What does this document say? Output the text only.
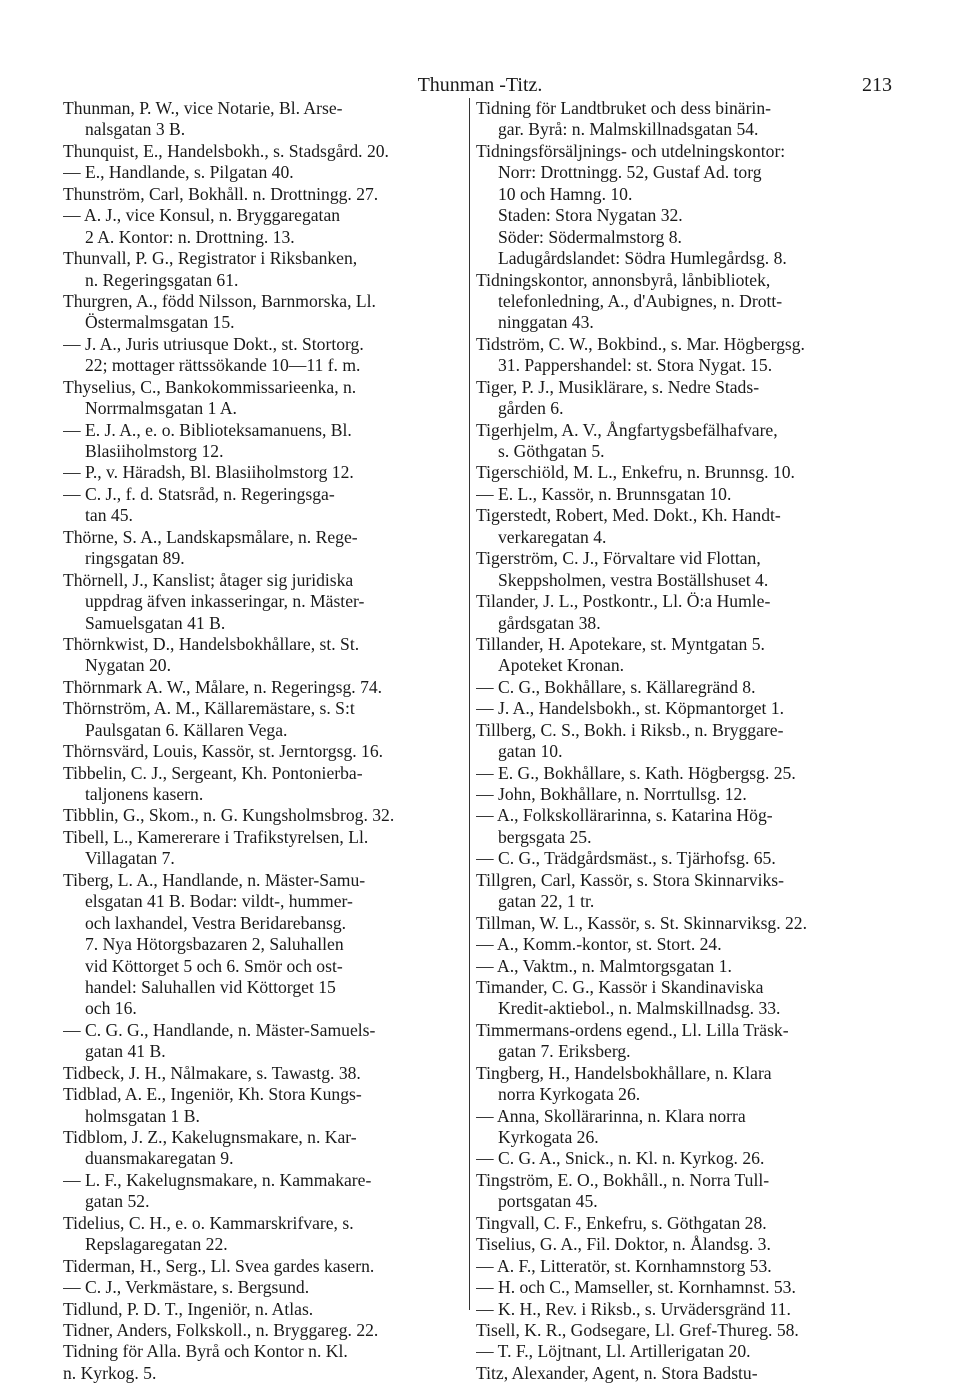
Thunman -Titz.	213
Thunman, P. W., vice Notarie, Bl. Arse-
nalsgatan 3 B.
Thunquist, E., Handelsbokh., s. Stadsgård. 20.
— E., Handlande, s. Pilgatan 40.
Thunström, Carl, Bokhåll. n. Drottningg. 27.
— A. J., vice Konsul, n. Bryggaregatan
2 A. Kontor: n. Drottning. 13.
Thunvall, P. G., Registrator i Riksbanken,
n. Regeringsgatan 61.
Thurgren, A., född Nilsson, Barnmorska, Ll.
Östermalmsgatan 15.
— J. A., Juris utriusque Dokt., st. Stortorg.
22; mottager rättssökande 10—11 f. m.
Thyselius, C., Bankokommissarieenka, n.
Norrmalmsgatan 1 A.
— E. J. A., e. o. Biblioteksamanuens, Bl.
Blasiiholmstorg 12.
— P., v. Häradsh, Bl. Blasiiholmstorg 12.
— C. J., f. d. Statsråd, n. Regeringsga-
tan 45.
Thörne, S. A., Landskapsmålare, n. Rege-
ringsgatan 89.
Thörnell, J., Kanslist; åtager sig juridiska
uppdrag äfven inkasseringar, n. Mäster-
Samuelsgatan 41 B.
Thörnkwist, D., Handelsbokhållare, st. St.
Nygatan 20.
Thörnmark A. W., Målare, n. Regeringsg. 74.
Thörnström, A. M., Källaremästare, s. S:t
Paulsgatan 6. Källaren Vega.
Thörnsvärd, Louis, Kassör, st. Jerntorgsg. 16.
Tibbelin, C. J., Sergeant, Kh. Pontonierba-
taljonens kasern.
Tibblin, G., Skom., n. G. Kungsholmsbrog. 32.
Tibell, L., Kamererare i Trafikstyrelsen, Ll.
Villagatan 7.
Tiberg, L. A., Handlande, n. Mäster-Samu-
elsgatan 41 B. Bodar: vildt-, hummer-
och laxhandel, Vestra Beridarebansg.
7. Nya Hötorgsbazaren 2, Saluhallen
vid Köttorget 5 och 6. Smör och ost-
handel: Saluhallen vid Köttorget 15
och 16.
— C. G. G., Handlande, n. Mäster-Samuels-
gatan 41 B.
Tidbeck, J. H., Nålmakare, s. Tawastg. 38.
Tidblad, A. E., Ingeniör, Kh. Stora Kungs-
holmsgatan 1 B.
Tidblom, J. Z., Kakelugnsmakare, n. Kar-
duansmakaregatan 9.
— L. F., Kakelugnsmakare, n. Kammakare-
gatan 52.
Tidelius, C. H., e. o. Kammarskrifvare, s.
Repslagaregatan 22.
Tiderman, H., Serg., Ll. Svea gardes kasern.
— C. J., Verkmästare, s. Bergsund.
Tidlund, P. D. T., Ingeniör, n. Atlas.
Tidner, Anders, Folkskoll., n. Bryggareg. 22.
Tidning för Alla. Byrå och Kontor n. Kl.
n. Kyrkog. 5.
Tidning för Landtbruket och dess binärin-
gar. Byrå: n. Malmskillnadsgatan 54.
Tidningsförsäljnings- och utdelningskontor:
Norr: Drottningg. 52, Gustaf Ad. torg
10 och Hamng. 10.
Staden: Stora Nygatan 32.
Söder: Södermalmstorg 8.
Ladugårdslandet: Södra Humlegårdsg. 8.
Tidningskontor, annonsbyrå, lånbibliotek,
telefonledning, A., d'Aubignes, n. Drott-
ninggatan 43.
Tidström, C. W., Bokbind., s. Mar. Högbergsg.
31. Pappershandel: st. Stora Nygat. 15.
Tiger, P. J., Musiklärare, s. Nedre Stads-
gården 6.
Tigerhjelm, A. V., Ångfartygsbefälhafvare,
s. Göthgatan 5.
Tigerschiöld, M. L., Enkefru, n. Brunnsg. 10.
— E. L., Kassör, n. Brunnsgatan 10.
Tigerstedt, Robert, Med. Dokt., Kh. Handt-
verkaregatan 4.
Tigerström, C. J., Förvaltare vid Flottan,
Skeppsholmen, vestra Boställshuset 4.
Tilander, J. L., Postkontr., Ll. Ö:a Humle-
gårdsgatan 38.
Tillander, H. Apotekare, st. Myntgatan 5.
Apoteket Kronan.
— C. G., Bokhållare, s. Källaregränd 8.
— J. A., Handelsbokh., st. Köpmantorget 1.
Tillberg, C. S., Bokh. i Riksb., n. Bryggare-
gatan 10.
— E. G., Bokhållare, s. Kath. Högbergsg. 25.
— John, Bokhållare, n. Norrtullsg. 12.
— A., Folkskollärarinna, s. Katarina Hög-
bergsgata 25.
— C. G., Trädgårdsmäst., s. Tjärhofsg. 65.
Tillgren, Carl, Kassör, s. Stora Skinnarviks-
gatan 22, 1 tr.
Tillman, W. L., Kassör, s. St. Skinnarviksg. 22.
— A., Komm.-kontor, st. Stort. 24.
— A., Vaktm., n. Malmtorgsgatan 1.
Timander, C. G., Kassör i Skandinaviska
Kredit-aktiebol., n. Malmskillnadsg. 33.
Timmermans-ordens egend., Ll. Lilla Träsk-
gatan 7. Eriksberg.
Tingberg, H., Handelsbokhållare, n. Klara
norra Kyrkogata 26.
— Anna, Skollärarinna, n. Klara norra
Kyrkogata 26.
— C. G. A., Snick., n. Kl. n. Kyrkog. 26.
Tingström, E. O., Bokhåll., n. Norra Tull-
portsgatan 45.
Tingvall, C. F., Enkefru, s. Göthgatan 28.
Tiselius, G. A., Fil. Doktor, n. Ålandsg. 3.
— A. F., Litteratör, st. Kornhamnstorg 53.
— H. och C., Mamseller, st. Kornhamnst. 53.
— K. H., Rev. i Riksb., s. Urvädersgränd 11.
Tisell, K. R., Godsegare, Ll. Gref-Thureg. 58.
— T. F., Löjtnant, Ll. Artillerigatan 20.
Titz, Alexander, Agent, n. Stora Badstu-
